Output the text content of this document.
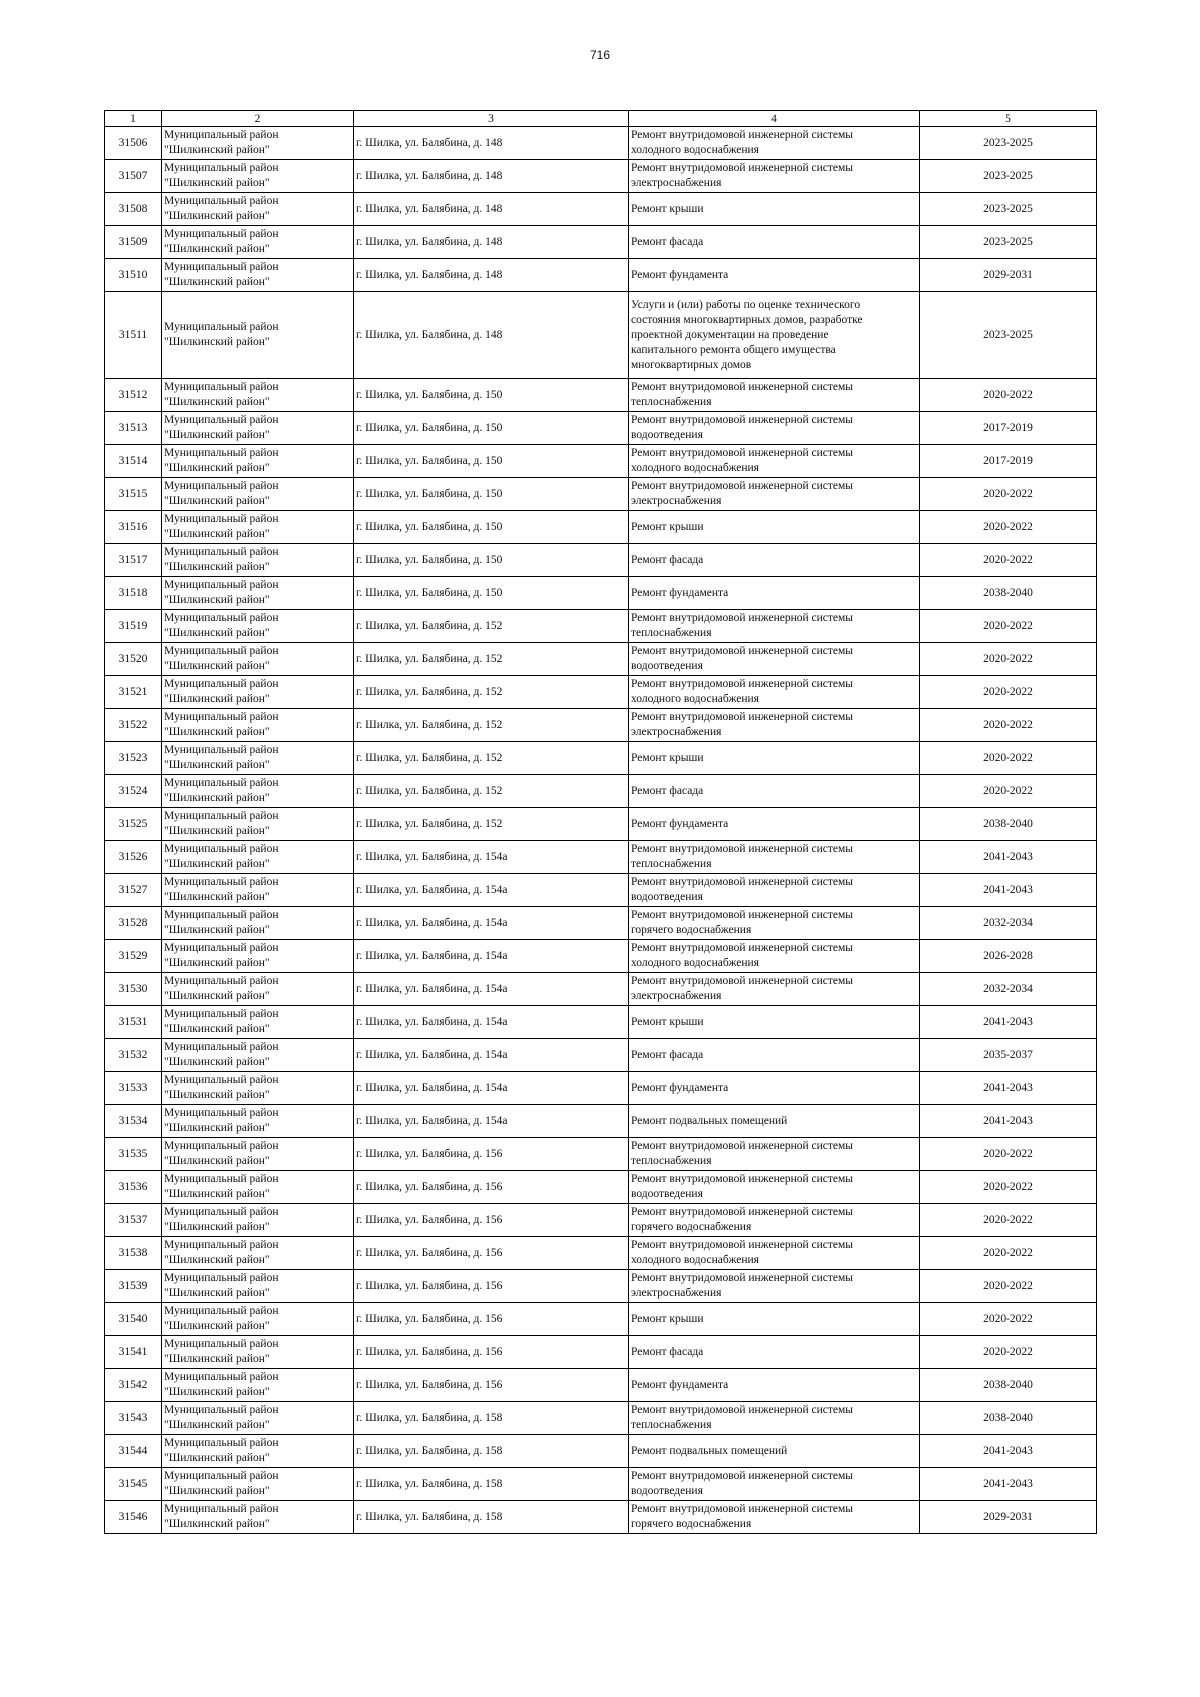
716
1	2	3	4	5

31506	Муниципальный район
"Шилкинский район"	г. Шилка, ул. Балябина, д. 148	Ремонт внутридомовой инженерной системы
холодного водоснабжения	2023-2025

31507	Муниципальный район
"Шилкинский район"	г. Шилка, ул. Балябина, д. 148	Ремонт внутридомовой инженерной системы
электроснабжения	2023-2025

31508	Муниципальный район
"Шилкинский район"	г. Шилка, ул. Балябина, д. 148	Ремонт крыши	2023-2025

31509	Муниципальный район
"Шилкинский район"	г. Шилка, ул. Балябина, д. 148	Ремонт фасада	2023-2025

31510	Муниципальный район
"Шилкинский район"	г. Шилка, ул. Балябина, д. 148	Ремонт фундамента	2029-2031

31511	Муниципальный район
"Шилкинский район"	г. Шилка, ул. Балябина, д. 148	Услуги и (или) работы по оценке технического
состояния многоквартирных домов, разработке
проектной документации на проведение
капитального ремонта общего имущества
многоквартирных домов	2023-2025

31512	Муниципальный район
"Шилкинский район"	г. Шилка, ул. Балябина, д. 150	Ремонт внутридомовой инженерной системы
теплоснабжения	2020-2022

31513	Муниципальный район
"Шилкинский район"	г. Шилка, ул. Балябина, д. 150	Ремонт внутридомовой инженерной системы
водоотведения	2017-2019

31514	Муниципальный район
"Шилкинский район"	г. Шилка, ул. Балябина, д. 150	Ремонт внутридомовой инженерной системы
холодного водоснабжения	2017-2019

31515	Муниципальный район
"Шилкинский район"	г. Шилка, ул. Балябина, д. 150	Ремонт внутридомовой инженерной системы
электроснабжения	2020-2022

31516	Муниципальный район
"Шилкинский район"	г. Шилка, ул. Балябина, д. 150	Ремонт крыши	2020-2022

31517	Муниципальный район
"Шилкинский район"	г. Шилка, ул. Балябина, д. 150	Ремонт фасада	2020-2022

31518	Муниципальный район
"Шилкинский район"	г. Шилка, ул. Балябина, д. 150	Ремонт фундамента	2038-2040

31519	Муниципальный район
"Шилкинский район"	г. Шилка, ул. Балябина, д. 152	Ремонт внутридомовой инженерной системы
теплоснабжения	2020-2022

31520	Муниципальный район
"Шилкинский район"	г. Шилка, ул. Балябина, д. 152	Ремонт внутридомовой инженерной системы
водоотведения	2020-2022

31521	Муниципальный район
"Шилкинский район"	г. Шилка, ул. Балябина, д. 152	Ремонт внутридомовой инженерной системы
холодного водоснабжения	2020-2022

31522	Муниципальный район
"Шилкинский район"	г. Шилка, ул. Балябина, д. 152	Ремонт внутридомовой инженерной системы
электроснабжения	2020-2022

31523	Муниципальный район
"Шилкинский район"	г. Шилка, ул. Балябина, д. 152	Ремонт крыши	2020-2022

31524	Муниципальный район
"Шилкинский район"	г. Шилка, ул. Балябина, д. 152	Ремонт фасада	2020-2022

31525	Муниципальный район
"Шилкинский район"	г. Шилка, ул. Балябина, д. 152	Ремонт фундамента	2038-2040

31526	Муниципальный район
"Шилкинский район"	г. Шилка, ул. Балябина, д. 154а	Ремонт внутридомовой инженерной системы
теплоснабжения	2041-2043

31527	Муниципальный район
"Шилкинский район"	г. Шилка, ул. Балябина, д. 154а	Ремонт внутридомовой инженерной системы
водоотведения	2041-2043

31528	Муниципальный район
"Шилкинский район"	г. Шилка, ул. Балябина, д. 154а	Ремонт внутридомовой инженерной системы
горячего водоснабжения	2032-2034

31529	Муниципальный район
"Шилкинский район"	г. Шилка, ул. Балябина, д. 154а	Ремонт внутридомовой инженерной системы
холодного водоснабжения	2026-2028

31530	Муниципальный район
"Шилкинский район"	г. Шилка, ул. Балябина, д. 154а	Ремонт внутридомовой инженерной системы
электроснабжения	2032-2034

31531	Муниципальный район
"Шилкинский район"	г. Шилка, ул. Балябина, д. 154а	Ремонт крыши	2041-2043

31532	Муниципальный район
"Шилкинский район"	г. Шилка, ул. Балябина, д. 154а	Ремонт фасада	2035-2037

31533	Муниципальный район
"Шилкинский район"	г. Шилка, ул. Балябина, д. 154а	Ремонт фундамента	2041-2043

31534	Муниципальный район
"Шилкинский район"	г. Шилка, ул. Балябина, д. 154а	Ремонт подвальных помещений	2041-2043

31535	Муниципальный район
"Шилкинский район"	г. Шилка, ул. Балябина, д. 156	Ремонт внутридомовой инженерной системы
теплоснабжения	2020-2022

31536	Муниципальный район
"Шилкинский район"	г. Шилка, ул. Балябина, д. 156	Ремонт внутридомовой инженерной системы
водоотведения	2020-2022

31537	Муниципальный район
"Шилкинский район"	г. Шилка, ул. Балябина, д. 156	Ремонт внутридомовой инженерной системы
горячего водоснабжения	2020-2022

31538	Муниципальный район
"Шилкинский район"	г. Шилка, ул. Балябина, д. 156	Ремонт внутридомовой инженерной системы
холодного водоснабжения	2020-2022

31539	Муниципальный район
"Шилкинский район"	г. Шилка, ул. Балябина, д. 156	Ремонт внутридомовой инженерной системы
электроснабжения	2020-2022

31540	Муниципальный район
"Шилкинский район"	г. Шилка, ул. Балябина, д. 156	Ремонт крыши	2020-2022

31541	Муниципальный район
"Шилкинский район"	г. Шилка, ул. Балябина, д. 156	Ремонт фасада	2020-2022

31542	Муниципальный район
"Шилкинский район"	г. Шилка, ул. Балябина, д. 156	Ремонт фундамента	2038-2040

31543	Муниципальный район
"Шилкинский район"	г. Шилка, ул. Балябина, д. 158	Ремонт внутридомовой инженерной системы
теплоснабжения	2038-2040

31544	Муниципальный район
"Шилкинский район"	г. Шилка, ул. Балябина, д. 158	Ремонт подвальных помещений	2041-2043

31545	Муниципальный район
"Шилкинский район"	г. Шилка, ул. Балябина, д. 158	Ремонт внутридомовой инженерной системы
водоотведения	2041-2043

31546	Муниципальный район
"Шилкинский район"	г. Шилка, ул. Балябина, д. 158	Ремонт внутридомовой инженерной системы
горячего водоснабжения	2029-2031
